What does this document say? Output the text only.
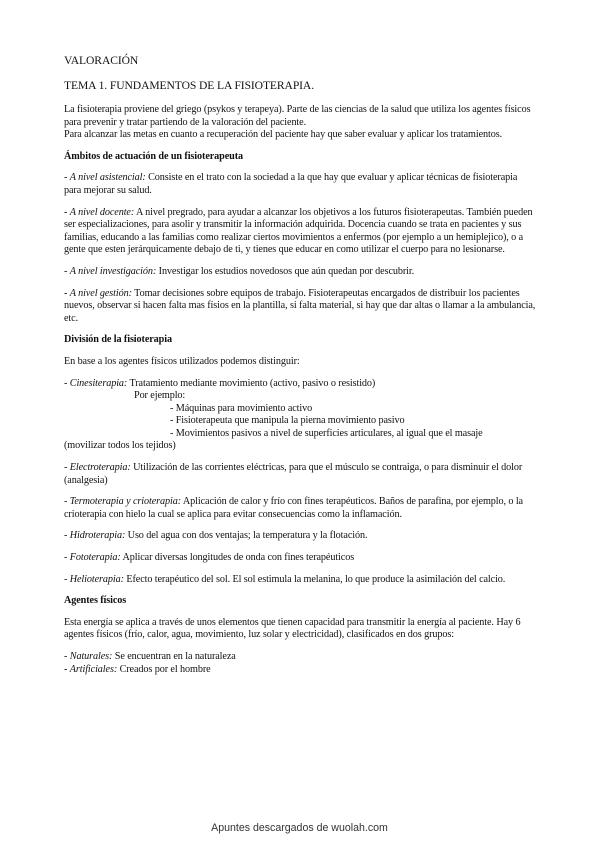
VALORACIÓN
TEMA 1. FUNDAMENTOS DE LA FISIOTERAPIA.
La fisioterapia proviene del griego (psykos y terapeya). Parte de las ciencias de la salud que utiliza los agentes físicos para prevenir y tratar partiendo de la valoración del paciente.
Para alcanzar las metas en cuanto a recuperación del paciente hay que saber evaluar y aplicar los tratamientos.
Ámbitos de actuación de un fisioterapeuta
- A nivel asistencial: Consiste en el trato con la sociedad a la que hay que evaluar y aplicar técnicas de fisioterapia para mejorar su salud.
- A nivel docente: A nivel pregrado, para ayudar a alcanzar los objetivos a los futuros fisioterapeutas. También pueden ser especializaciones, para asolir y transmitir la información adquirida. Docencia cuando se trata en pacientes y sus familias, educando a las familias como realizar ciertos movimientos a enfermos (por ejemplo a un hemiplejico), o a gente que esten jerárquicamente debajo de ti, y tienes que educar en como utilizar el cuerpo para no lesionarse.
- A nivel investigación: Investigar los estudios novedosos que aún quedan por descubrir.
- A nivel gestión: Tomar decisiones sobre equipos de trabajo. Fisioterapeutas encargados de distribuir los pacientes nuevos, observar si hacen falta mas físios en la plantilla, si falta material, si hay que dar altas o llamar a la ambulancia, etc.
División de la fisioterapia
En base a los agentes físicos utilizados podemos distinguir:
- Cinesiterapia: Tratamiento mediante movimiento (activo, pasivo o resistido)
Por ejemplo:
- Máquinas para movimiento activo
- Fisioterapeuta que manipula la pierna movimiento pasivo
- Movimientos pasivos a nivel de superficies articulares, al igual que el masaje
(movilizar todos los tejidos)
- Electroterapia: Utilización de las corrientes eléctricas, para que el músculo se contraiga, o para disminuir el dolor (analgesia)
- Termoterapia y crioterapia: Aplicación de calor y frío con fines terapéuticos. Baños de parafina, por ejemplo, o la crioterapia con hielo la cual se aplica para evitar consecuencias como la inflamación.
- Hidroterapia: Uso del agua con dos ventajas; la temperatura y la flotación.
- Fototerapia: Aplicar diversas longitudes de onda con fines terapéuticos
- Helioterapia: Efecto terapéutico del sol. El sol estimula la melanina, lo que produce la asimilación del calcio.
Agentes físicos
Esta energía se aplica a través de unos elementos que tienen capacidad para transmitir la energía al paciente. Hay 6 agentes físicos (frío, calor, agua, movimiento, luz solar y electricidad), clasificados en dos grupos:
- Naturales: Se encuentran en la naturaleza
- Artificiales: Creados por el hombre
Apuntes descargados de wuolah.com
